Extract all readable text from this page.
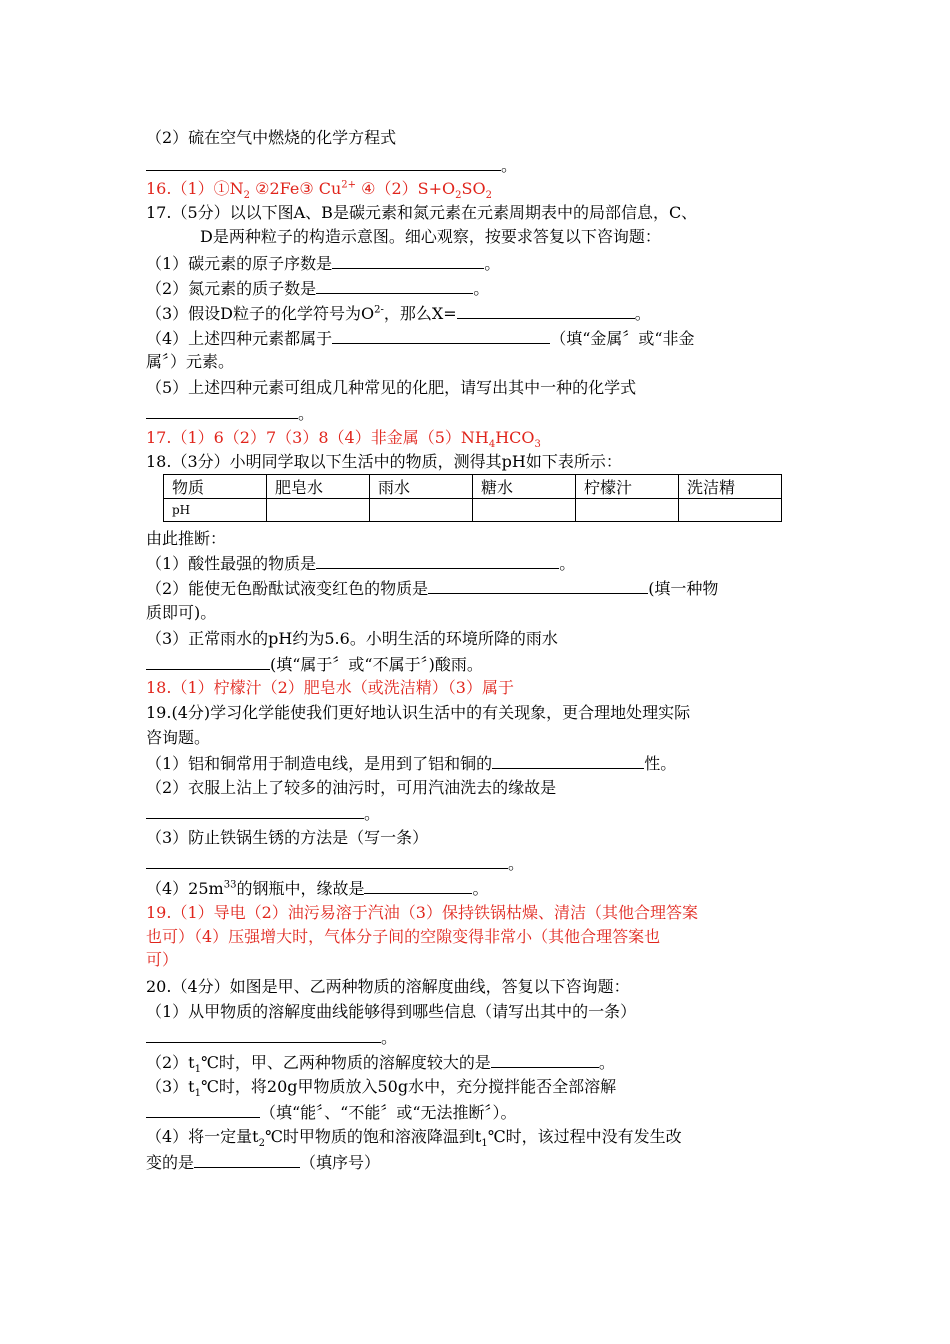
（2）硫在空气中燃烧的化学方程式
。
$16.(1)①N_2$ ②2Fe③ $Cu^{2+}$ $④(2)S+O_2SO_2$
17.（5分）以以下图A、B是碳元素和氮元素在元素周期表中的局部信息，C、
D是两种粒子的构造示意图。细心观察，按要求答复以下咨询题：
（1）碳元素的原子序数是	。
（2）氮元素的质子数是	。
（3）假设D粒子的化学符号为$O^{2-}$，那么X=	。
（4）上述四种元素都属于	（填“金属〞或“非金
属〞）元素。
（5）上述四种元素可组成几种常见的化肥，请写出其中一种的化学式
。
17.（1）6（2）7（3）8（4）非金属$(5)NH_4HCO_3$
18.（3分）小明同学取以下生活中的物质，测得其pH如下表所示：
物质	肥皂水	雨水	糖水	柠檬汁	洗洁精
pH					
由此推断：
（1）酸性最强的物质是	。
（2）能使无色酚酞试液变红色的物质是	(填一种物
质即可)。
（3）正常雨水的pH约为5.6。小明生活的环境所降的雨水
(填“属于〞或“不属于〞)酸雨。
18.（1）柠檬汁（2）肥皂水（或洗洁精）（3）属于
19.(4分)学习化学能使我们更好地认识生活中的有关现象，更合理地处理实际
咨询题。
（1）铝和铜常用于制造电线，是用到了铝和铜的	性。
（2）衣服上沾上了较多的油污时，可用汽油洗去的缘故是
。
（3）防止铁锅生锈的方法是（写一条）
。
$(4)25m^{33}$的钢瓶中，缘故是	。
19.（1）导电（2）油污易溶于汽油（3）保持铁锅枯燥、清洁（其他合理答案
也可）（4）压强增大时，气体分子间的空隙变得非常小（其他合理答案也
可）
20.（4分）如图是甲、乙两种物质的溶解度曲线，答复以下咨询题：
（1）从甲物质的溶解度曲线能够得到哪些信息（请写出其中的一条）
。
$(2)t_1℃$时，甲、乙两种物质的溶解度较大的是	。
$(3)t_1℃$时，将20g甲物质放入50g水中，充分搅拌能否全部溶解
（填“能〞、“不能〞或“无法推断〞）。
（4）将一定量$t_2℃$时甲物质的饱和溶液降温到$t_1℃$时，该过程中没有发生改
变的是	（填序号）
